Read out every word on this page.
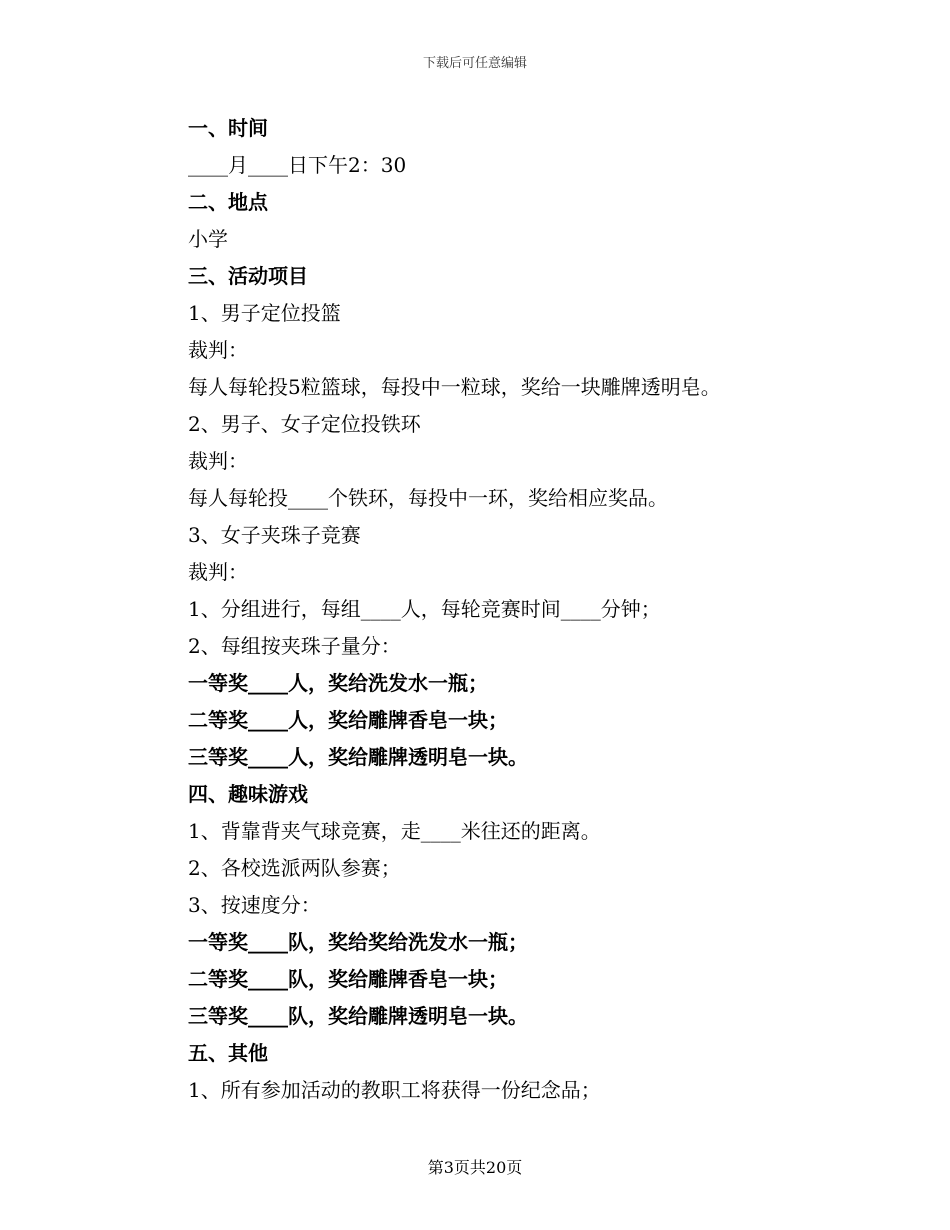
下载后可任意编辑
一、时间
____月____日下午2：30
二、地点
小学
三、活动项目
1、男子定位投篮
裁判：
每人每轮投5粒篮球，每投中一粒球，奖给一块雕牌透明皂。
2、男子、女子定位投铁环
裁判：
每人每轮投____个铁环，每投中一环，奖给相应奖品。
3、女子夹珠子竞赛
裁判：
1、分组进行，每组____人，每轮竞赛时间____分钟；
2、每组按夹珠子量分：
一等奖____人，奖给洗发水一瓶；
二等奖____人，奖给雕牌香皂一块；
三等奖____人，奖给雕牌透明皂一块。
四、趣味游戏
1、背靠背夹气球竞赛，走____米往还的距离。
2、各校选派两队参赛；
3、按速度分：
一等奖____队，奖给奖给洗发水一瓶；
二等奖____队，奖给雕牌香皂一块；
三等奖____队，奖给雕牌透明皂一块。
五、其他
1、所有参加活动的教职工将获得一份纪念品；
第3页共20页
